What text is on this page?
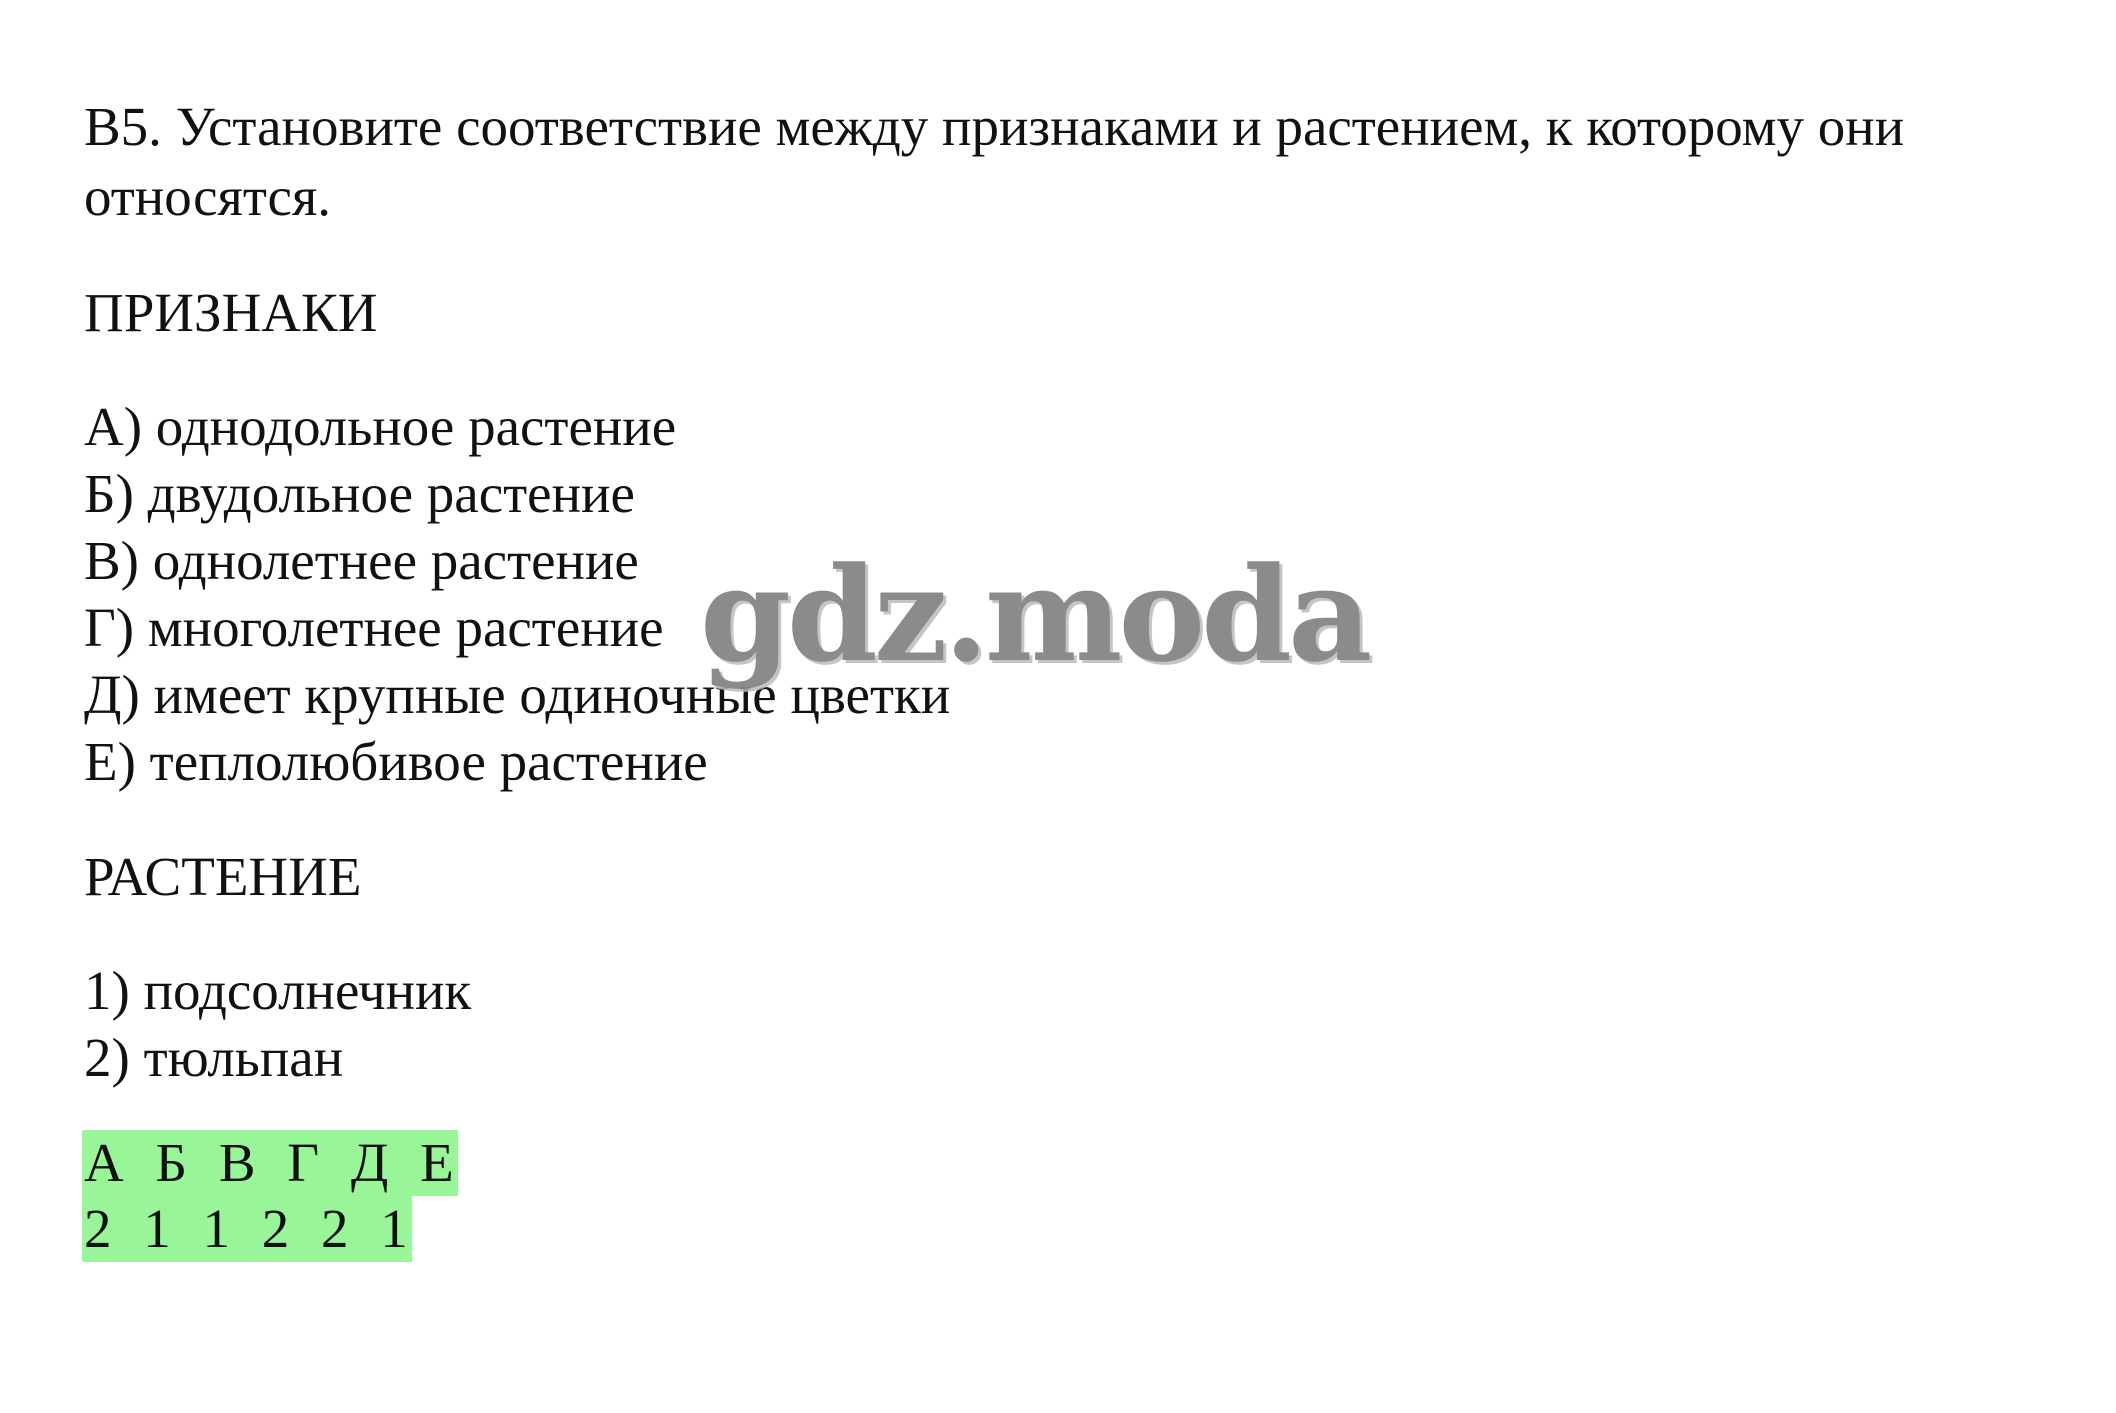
В5. Установите соответствие между признаками и растением, к которому они

относятся.

ПРИЗНАКИ

А) однодольное растение

Б) двудольное растение

В) однолетнее растение

Г) многолетнее растение

Д) имеет крупные одиночные цветки

Е) теплолюбивое растение

РАСТЕНИЕ

1) подсолнечник

2) тюльпан

А Б В Г Д Е
2 1 1 2 2 1
gdz.moda
